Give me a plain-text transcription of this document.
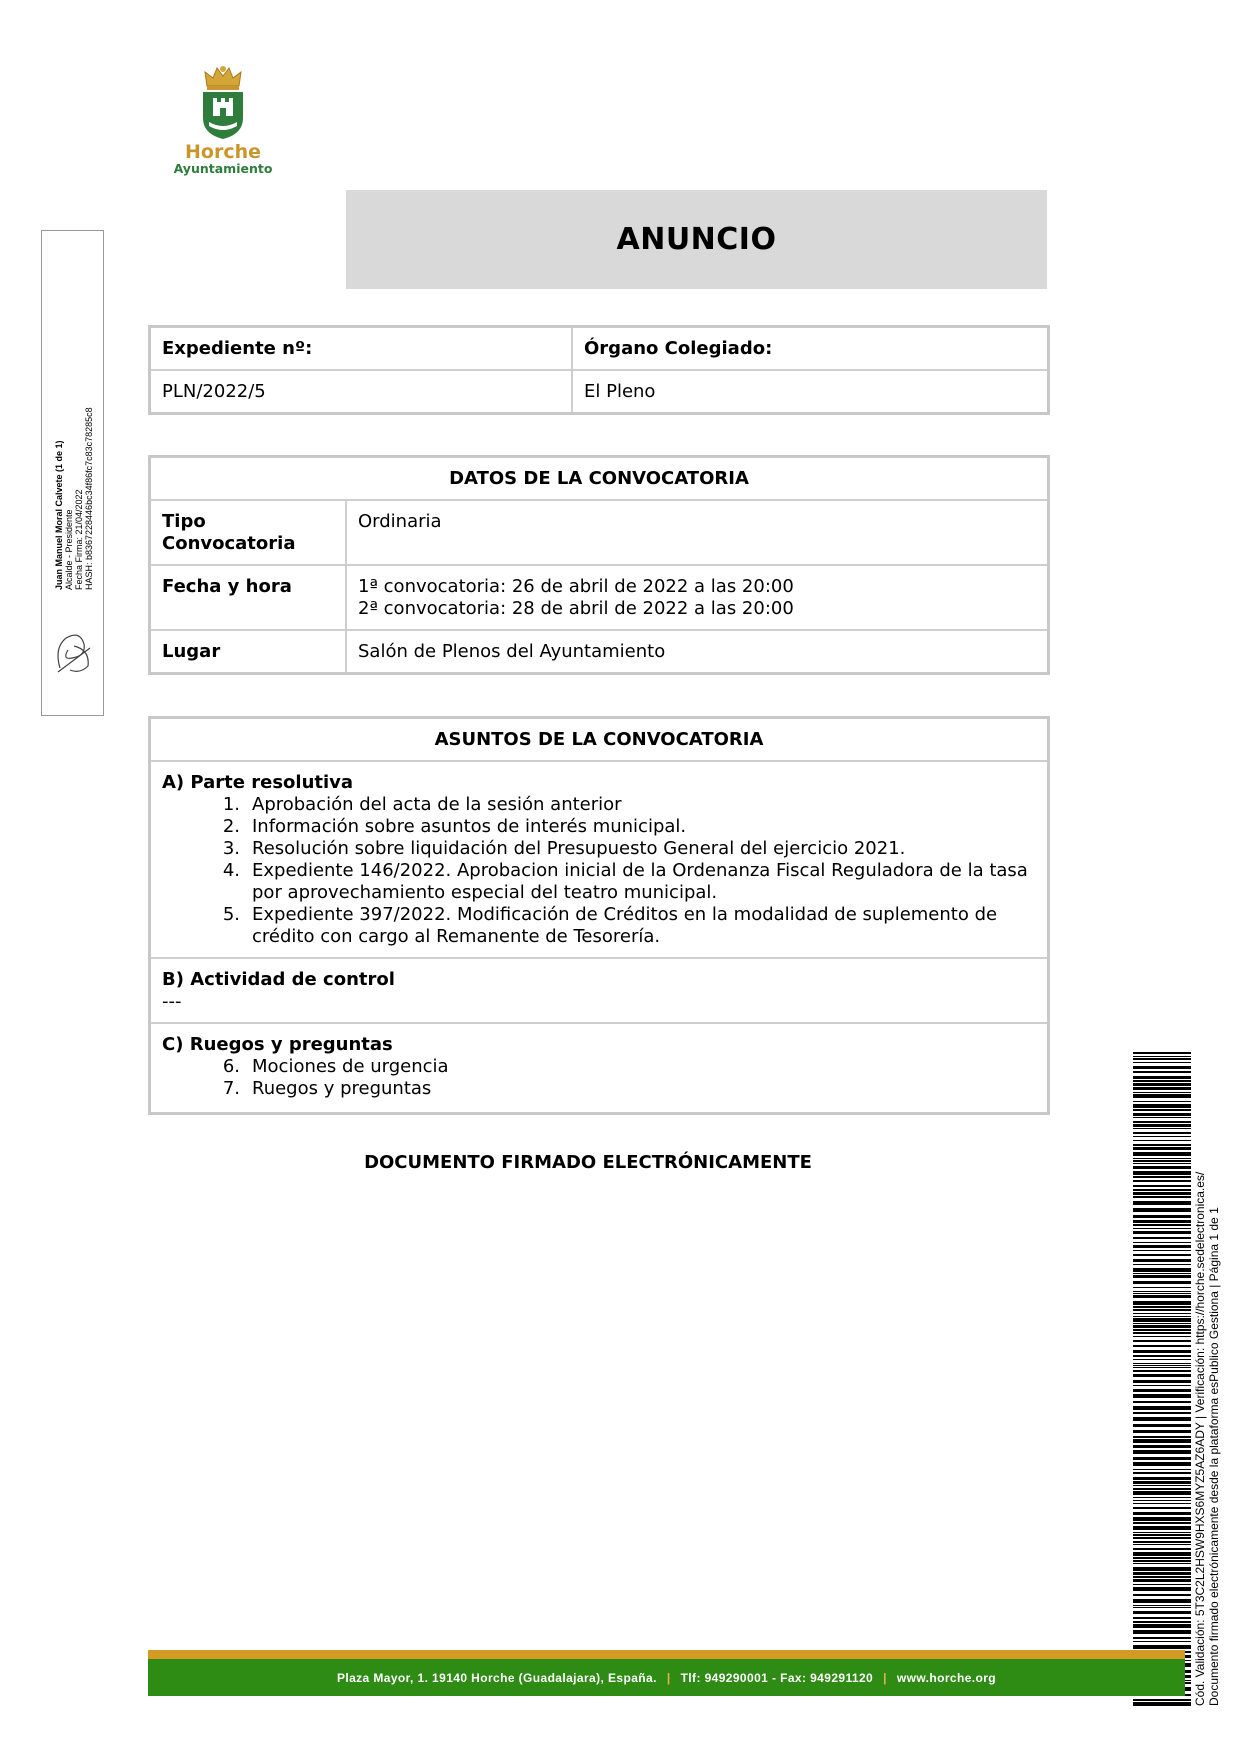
Horche
Ayuntamiento
ANUNCIO
Expediente nº:	Órgano Colegiado:
PLN/2022/5	El Pleno
DATOS DE LA CONVOCATORIA	

Tipo Convocatoria	Ordinaria
Fecha y hora	1ª convocatoria: 26 de abril de 2022 a las 20:00
2ª convocatoria: 28 de abril de 2022 a las 20:00

Lugar	Salón de Plenos del Ayuntamiento
ASUNTOS DE LA CONVOCATORIA

A) Parte resolutiva
1. Aprobación del acta de la sesión anterior
2. Información sobre asuntos de interés municipal.
3. Resolución sobre liquidación del Presupuesto General del ejercicio 2021.
4. Expediente 146/2022. Aprobacion inicial de la Ordenanza Fiscal Reguladora de la tasa por aprovechamiento especial del teatro municipal.
5. Expediente 397/2022. Modificación de Créditos en la modalidad de suplemento de crédito con cargo al Remanente de Tesorería.

B) Actividad de control
---

C) Ruegos y preguntas
6. Mociones de urgencia
7. Ruegos y preguntas
DOCUMENTO FIRMADO ELECTRÓNICAMENTE
Juan Manuel Moral Calvete (1 de 1) Alcalde - Presidente Fecha Firma: 21/04/2022 HASH: b8367228446bc34f86fc7c83c78285c8
Cód. Validación: 5T3C2L2HSW9HXS6MYZ5AZ6ADY | Verificación: https://horche.sedelectronica.es/ Documento firmado electrónicamente desde la plataforma esPublico Gestiona | Página 1 de 1
Plaza Mayor, 1. 19140 Horche (Guadalajara), España. | Tlf: 949290001 - Fax: 949291120 | www.horche.org
